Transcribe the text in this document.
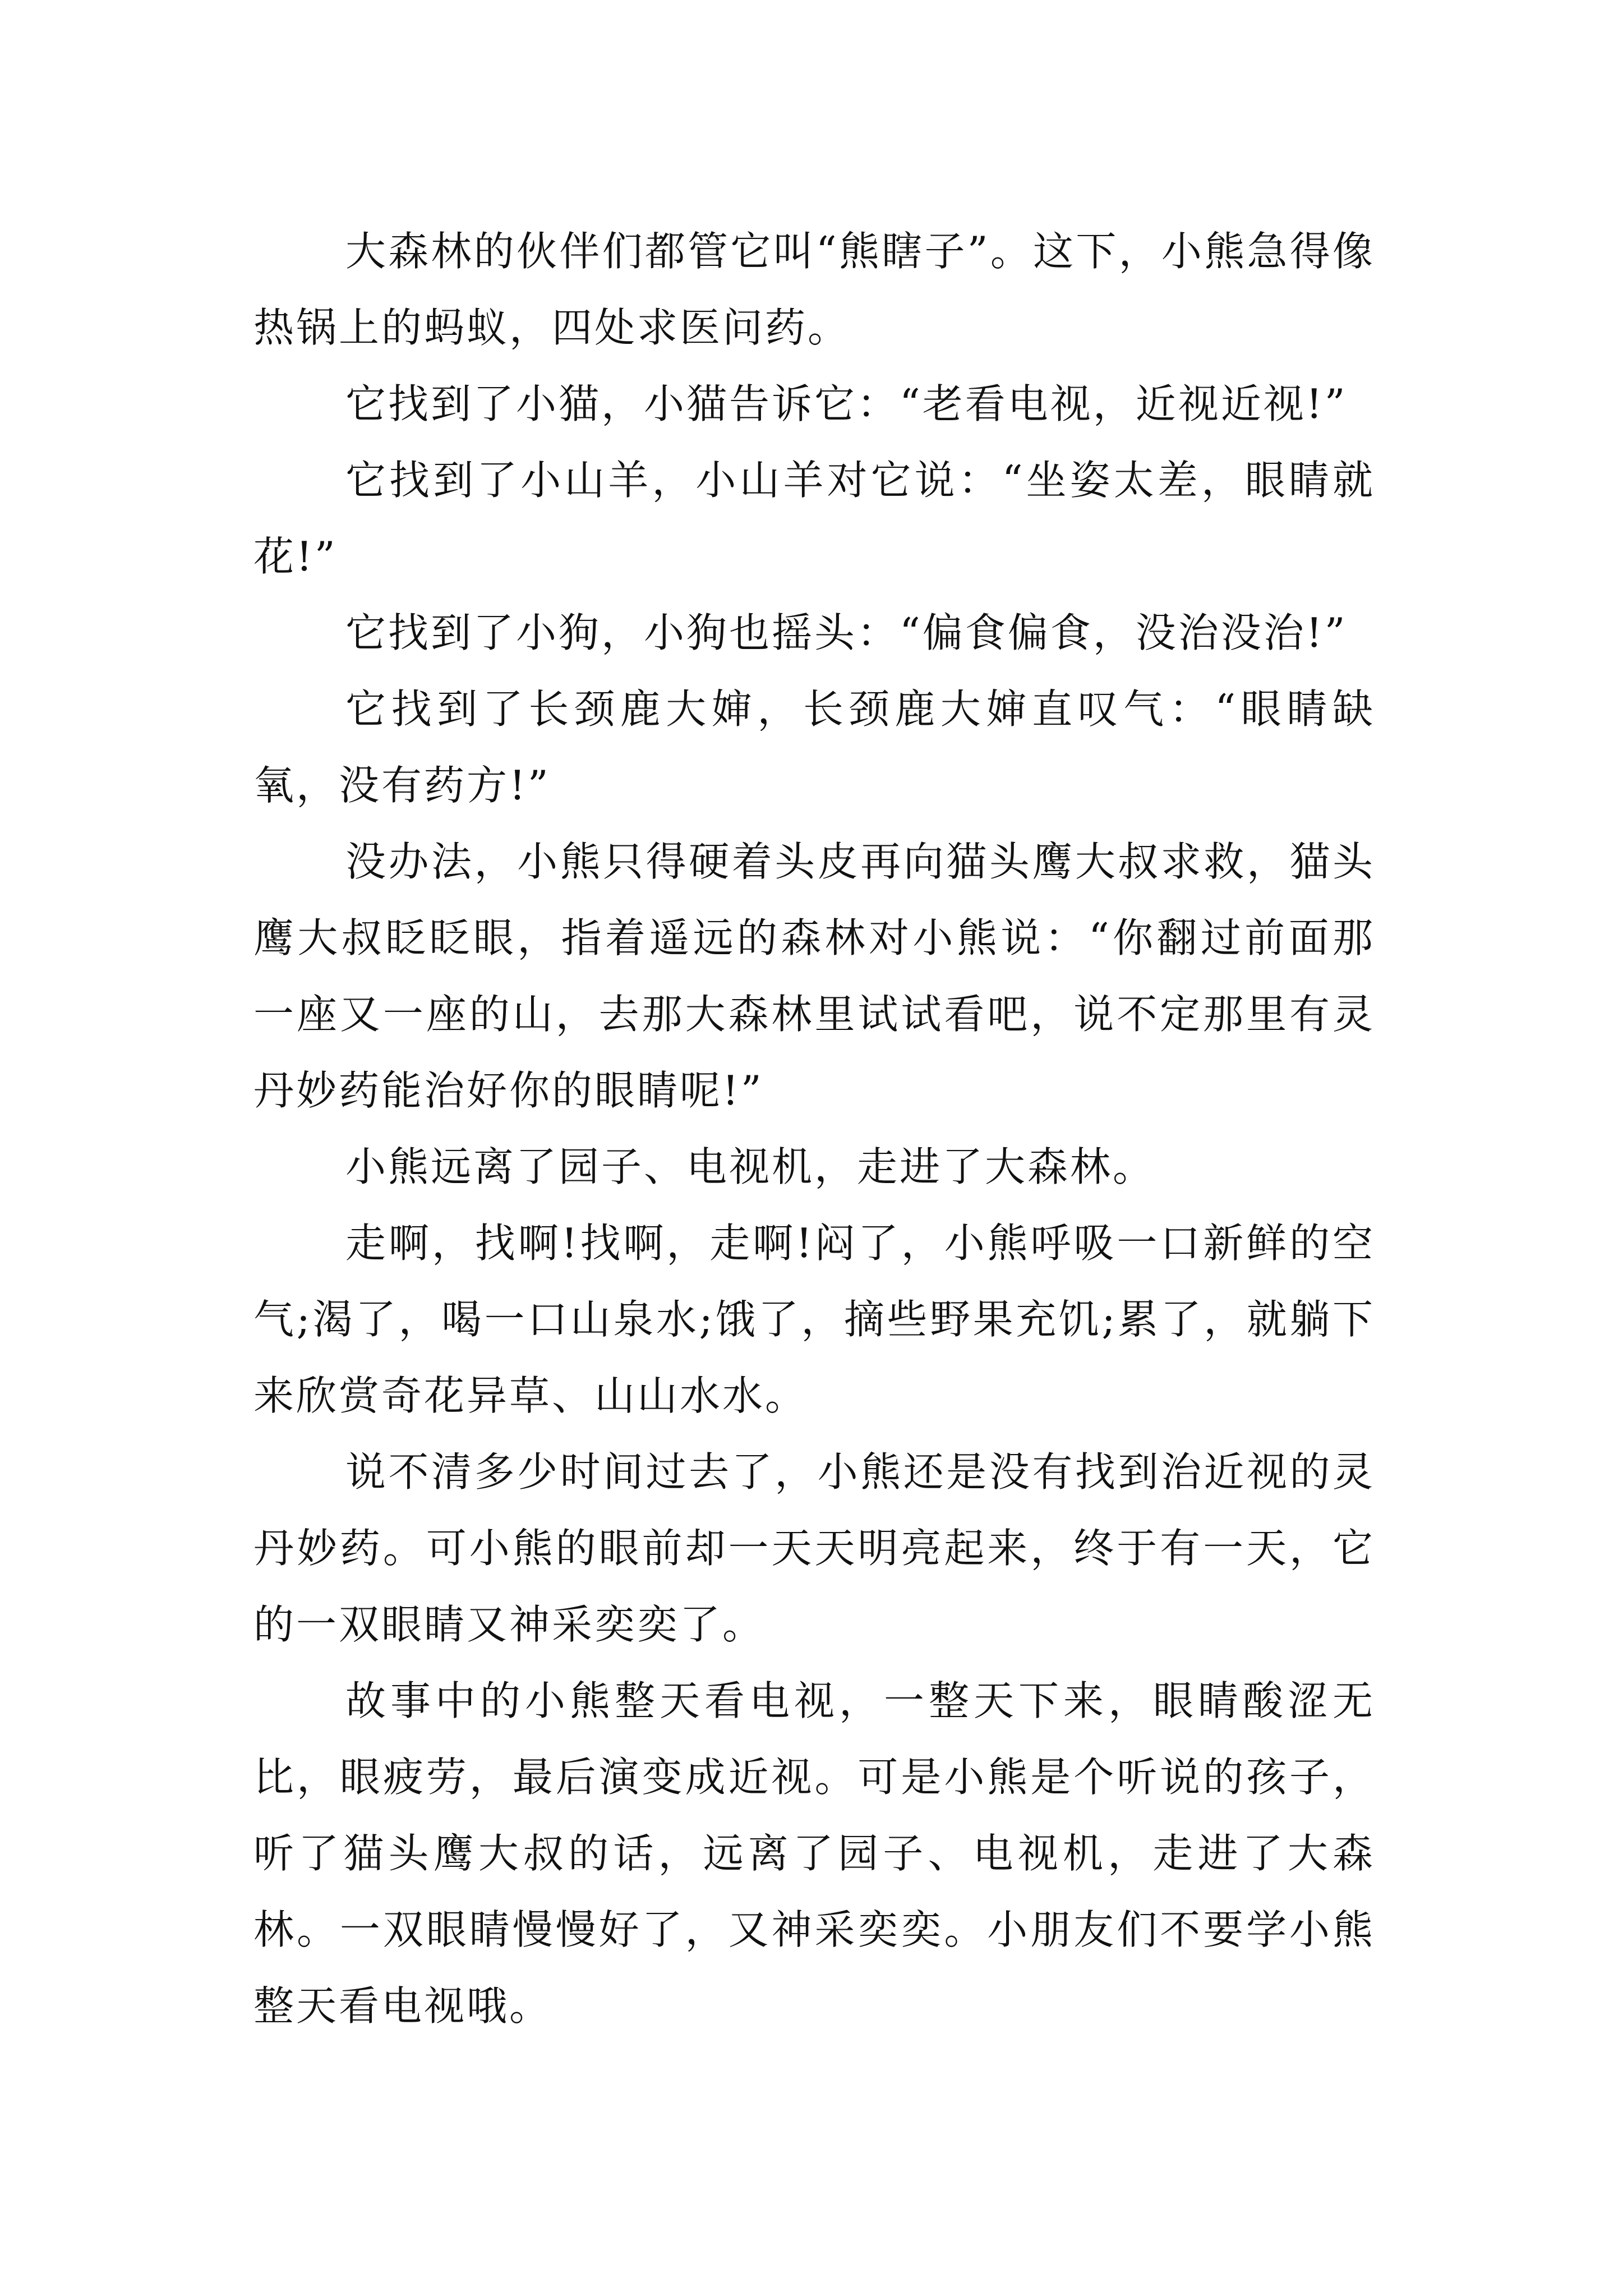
大森林的伙伴们都管它叫“熊瞎子”。这下，小熊急得像热锅上的蚂蚁，四处求医问药。

它找到了小猫，小猫告诉它：“老看电视，近视近视!”

它找到了小山羊，小山羊对它说：“坐姿太差，眼睛就花!”

它找到了小狗，小狗也摇头：“偏食偏食，没治没治!”

它找到了长颈鹿大婶，长颈鹿大婶直叹气：“眼睛缺氧，没有药方!”

没办法，小熊只得硬着头皮再向猫头鹰大叔求救，猫头鹰大叔眨眨眼，指着遥远的森林对小熊说：“你翻过前面那一座又一座的山，去那大森林里试试看吧，说不定那里有灵丹妙药能治好你的眼睛呢!”

小熊远离了园子、电视机，走进了大森林。

走啊，找啊!找啊，走啊!闷了，小熊呼吸一口新鲜的空气;渴了，喝一口山泉水;饿了，摘些野果充饥;累了，就躺下来欣赏奇花异草、山山水水。

说不清多少时间过去了，小熊还是没有找到治近视的灵丹妙药。可小熊的眼前却一天天明亮起来，终于有一天，它的一双眼睛又神采奕奕了。

故事中的小熊整天看电视，一整天下来，眼睛酸涩无比，眼疲劳，最后演变成近视。可是小熊是个听说的孩子，听了猫头鹰大叔的话，远离了园子、电视机，走进了大森林。一双眼睛慢慢好了，又神采奕奕。小朋友们不要学小熊整天看电视哦。
